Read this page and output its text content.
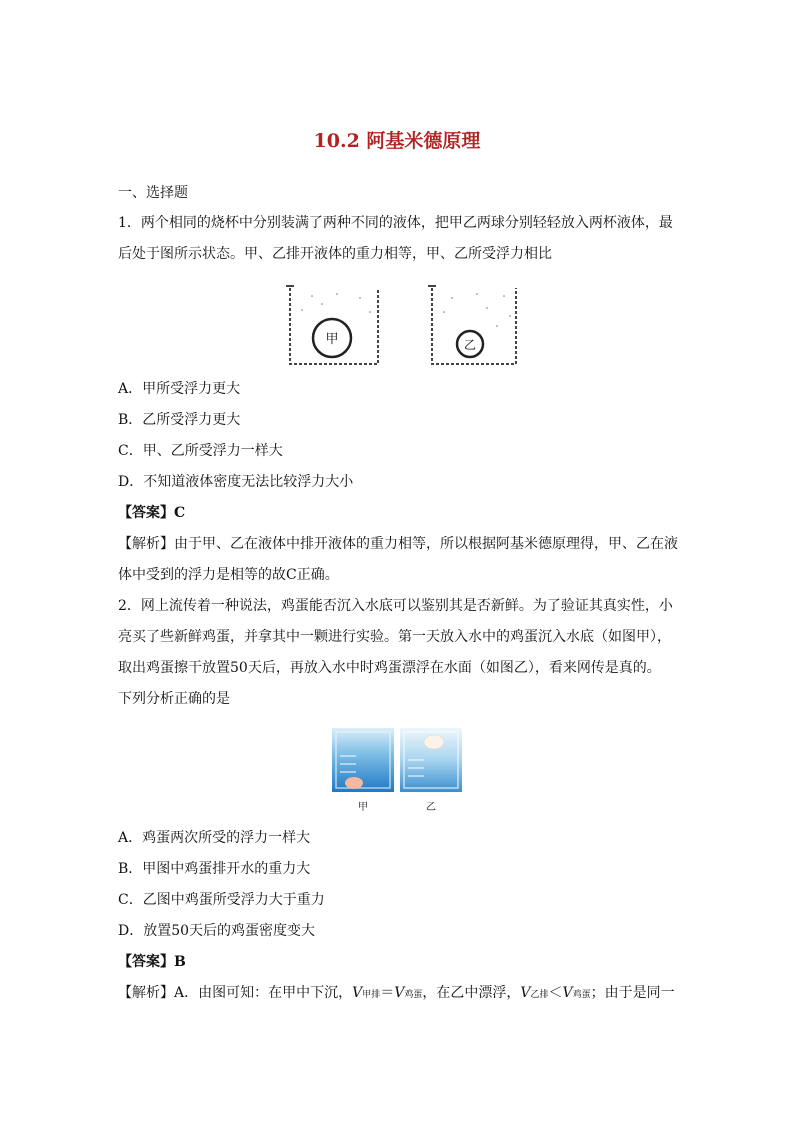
10.2 阿基米德原理
一、选择题
1．两个相同的烧杯中分别装满了两种不同的液体，把甲乙两球分别轻轻放入两杯液体，最
后处于图所示状态。甲、乙排开液体的重力相等，甲、乙所受浮力相比
甲	乙
A．甲所受浮力更大
B．乙所受浮力更大
C．甲、乙所受浮力一样大
D．不知道液体密度无法比较浮力大小
【答案】C
【解析】由于甲、乙在液体中排开液体的重力相等，所以根据阿基米德原理得，甲、乙在液
体中受到的浮力是相等的故C正确。
2．网上流传着一种说法，鸡蛋能否沉入水底可以鉴别其是否新鲜。为了验证其真实性，小
亮买了些新鲜鸡蛋，并拿其中一颗进行实验。第一天放入水中的鸡蛋沉入水底（如图甲），
取出鸡蛋擦干放置50天后，再放入水中时鸡蛋漂浮在水面（如图乙），看来网传是真的。
下列分析正确的是
甲	乙
A．鸡蛋两次所受的浮力一样大
B．甲图中鸡蛋排开水的重力大
C．乙图中鸡蛋所受浮力大于重力
D．放置50天后的鸡蛋密度变大
【答案】B
【解析】A．由图可知：在甲中下沉，V甲排＝V鸡蛋，在乙中漂浮，V乙排＜V鸡蛋；由于是同一
